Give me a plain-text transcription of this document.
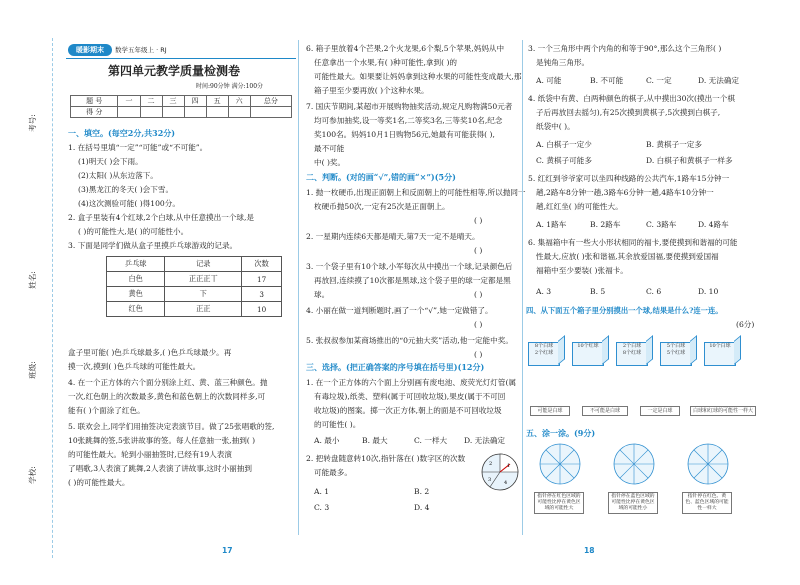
考号:
姓名:
班级:
学校:
暖影期末	数学五年级上 · RJ
第四单元教学质量检测卷
时间:90分钟 满分:100分
题 号	一	二	三	四	五	六	总分
得 分							
一、填空。(每空2分,共32分)
1. 在括号里填“一定”“可能”或“不可能”。
(1)明天( )会下雨。
(2)太阳( )从东边落下。
(3)黑龙江的冬天( )会下雪。
(4)这次测验可能( )得100分。
2. 盒子里装有4个红球,2个白球,从中任意摸出一个球,是
( )的可能性大,是( )的可能性小。
3. 下面是同学们做从盒子里摸乒乓球游戏的记录。
乒乓球	记录	次数
白色	正正正丅	17
黄色	下	3
红色	正正	10
盒子里可能( )色乒乓球最多,( )色乒乓球最少。再
摸一次,摸到( )色乒乓球的可能性最大。
4. 在一个正方体的六个面分别涂上红、黄、蓝三种颜色。抛
一次,红色朝上的次数最多,黄色和蓝色朝上的次数同样多,可
能有( )个面涂了红色。
5. 联欢会上,同学们用抽签决定表演节目。做了25张唱歌的签,
10张跳舞的签,5张讲故事的签。每人任意抽一张,抽到( )
的可能性最大。轮到小丽抽签时,已经有19人表演
了唱歌,3人表演了跳舞,2人表演了讲故事,这时小丽抽到
( )的可能性最大。
6. 箱子里放着4个芒果,2个火龙果,6个梨,5个苹果,妈妈从中
任意拿出一个水果,有( )种可能性,拿到( )的
可能性最大。如果要让妈妈拿到这种水果的可能性变成最大,那
箱子里至少要再放( )个这种水果。
7. 国庆节期间,某超市开展购物抽奖活动,规定凡购物满50元者
均可参加抽奖,设一等奖1名,二等奖3名,三等奖10名,纪念
奖100名。妈妈10月1日购物56元,她最有可能获得( ),
最不可能
中( )奖。
二、判断。(对的画“√”,错的画“×”)(5分)
1. 抛一枚硬币,出现正面朝上和反面朝上的可能性相等,所以抛同一
枚硬币抛50次,一定有25次是正面朝上。
( )
2. 一星期内连续6天都是晴天,第7天一定不是晴天。
( )
3. 一个袋子里有10个球,小军每次从中摸出一个球,记录颜色后
再放回,连续摸了10次都是黑球,这个袋子里的球一定都是黑
球。	( )
4. 小丽在做一道判断题时,画了一个“√”,她一定做错了。
( )
5. 张叔叔参加某商场推出的“0元抽大奖”活动,他一定能中奖。
( )
三、选择。(把正确答案的序号填在括号里)(12分)
1. 在一个正方体的六个面上分别画有废电池、废荧光灯灯管(属
有毒垃圾),纸类、塑料(属于可回收垃圾),果皮(属于不可回
收垃圾)的图案。掷一次正方体,朝上的面是不可回收垃圾
的可能性( )。
A. 最小	B. 最大	C. 一样大 D. 无法确定
2. 把转盘随意转10次,指针落在( )数字区的次数
可能最多。
A. 1	B. 2
C. 3	D. 4
1
2
3	4
3. 一个三角形中两个内角的和等于90°,那么这个三角形( )
是钝角三角形。
A. 可能	B. 不可能	C. 一定	D. 无法确定
4. 纸袋中有黄、白两种颜色的棋子,从中摸出30次(摸出一个棋
子后再放回去摇匀),有25次摸到黄棋子,5次摸到白棋子,
纸袋中( )。
A. 白棋子一定少	B. 黄棋子一定多
C. 黄棋子可能多	D. 白棋子和黄棋子一样多
5. 红红到爷爷家可以坐四种线路的公共汽车,1路车15分钟一
趟,2路车8分钟一趟,3路车6分钟一趟,4路车10分钟一
趟,红红坐( )的可能性大。
A. 1路车	B. 2路车	C. 3路车	D. 4路车
6. 集福箱中有一些大小形状相同的福卡,要使摸到和谐福的可能
性最大,应放( )张和谐福,其余放爱国福,要使摸到爱国福
福箱中至少要装( )张福卡。
A. 3	B. 5	C. 6	D. 10
四、从下面五个箱子里分别摸出一个球,结果是什么?连一连。
(6分)
8个白球
2个红球
10个红球	2个白球
8个红球
5个白球
5个红球
10个白球
可能是白球	不可能是白球	一定是白球	白球和红球的可能性一样大
五、涂一涂。(9分)
指针停在红色区域的可能性比停在黄色区域的可能性大
指针停在蓝色区域的可能性比停在黄色区域的可能性小
指针停在红色、黄色、蓝色区域的可能性一样大
17	18
